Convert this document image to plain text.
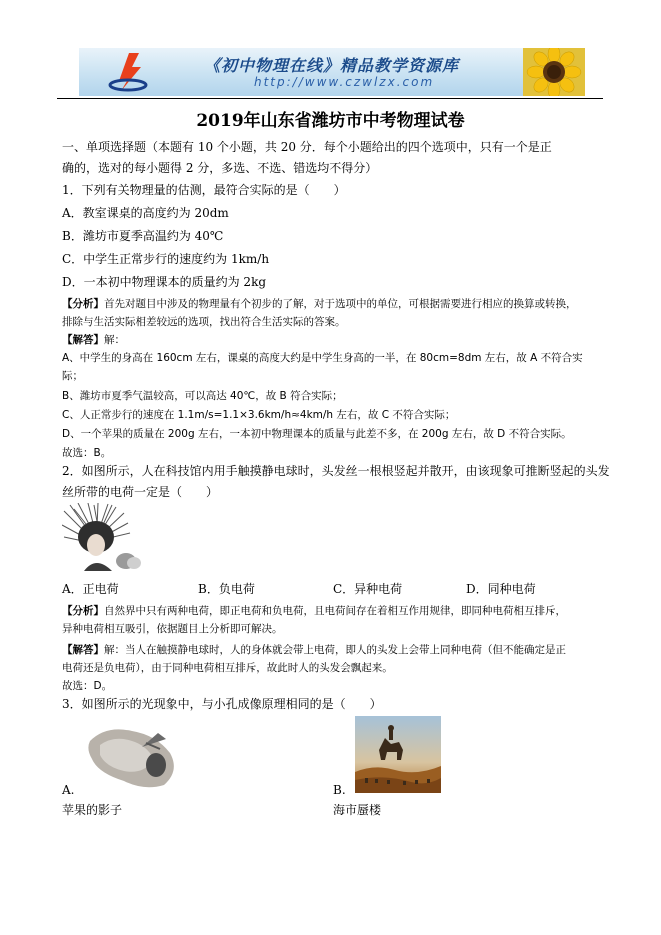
《初中物理在线》精品教学资源库
http://www.czwlzx.com
2019年山东省潍坊市中考物理试卷
一、单项选择题（本题有 10 个小题，共 20 分．每个小题给出的四个选项中，只有一个是正
确的，选对的每小题得 2 分，多选、不选、错选均不得分）
1．下列有关物理量的估测，最符合实际的是（　　）
A．教室课桌的高度约为 20dm
B．潍坊市夏季高温约为 40℃
C．中学生正常步行的速度约为 1km/h
D．一本初中物理课本的质量约为 2kg
【分析】首先对题目中涉及的物理量有个初步的了解，对于选项中的单位，可根据需要进行相应的换算或转换，
排除与生活实际相差较远的选项，找出符合生活实际的答案。
【解答】解：
A、中学生的身高在 160cm 左右，课桌的高度大约是中学生身高的一半，在 80cm=8dm 左右，故 A 不符合实
际；
B、潍坊市夏季气温较高，可以高达 40℃，故 B 符合实际；
C、人正常步行的速度在 1.1m/s=1.1×3.6km/h≈4km/h 左右，故 C 不符合实际；
D、一个苹果的质量在 200g 左右，一本初中物理课本的质量与此差不多，在 200g 左右，故 D 不符合实际。
故选：B。
2．如图所示，人在科技馆内用手触摸静电球时，头发丝一根根竖起并散开，由该现象可推断竖起的头发
丝所带的电荷一定是（　　）
A．正电荷	B．负电荷	C．异种电荷	D．同种电荷
【分析】自然界中只有两种电荷，即正电荷和负电荷，且电荷间存在着相互作用规律，即同种电荷相互排斥，
异种电荷相互吸引，依据题目上分析即可解决。
【解答】解：当人在触摸静电球时，人的身体就会带上电荷，即人的头发上会带上同种电荷（但不能确定是正
电荷还是负电荷），由于同种电荷相互排斥，故此时人的头发会飘起来。
故选：D。
3．如图所示的光现象中，与小孔成像原理相同的是（　　）
A.	B.
苹果的影子	海市蜃楼
